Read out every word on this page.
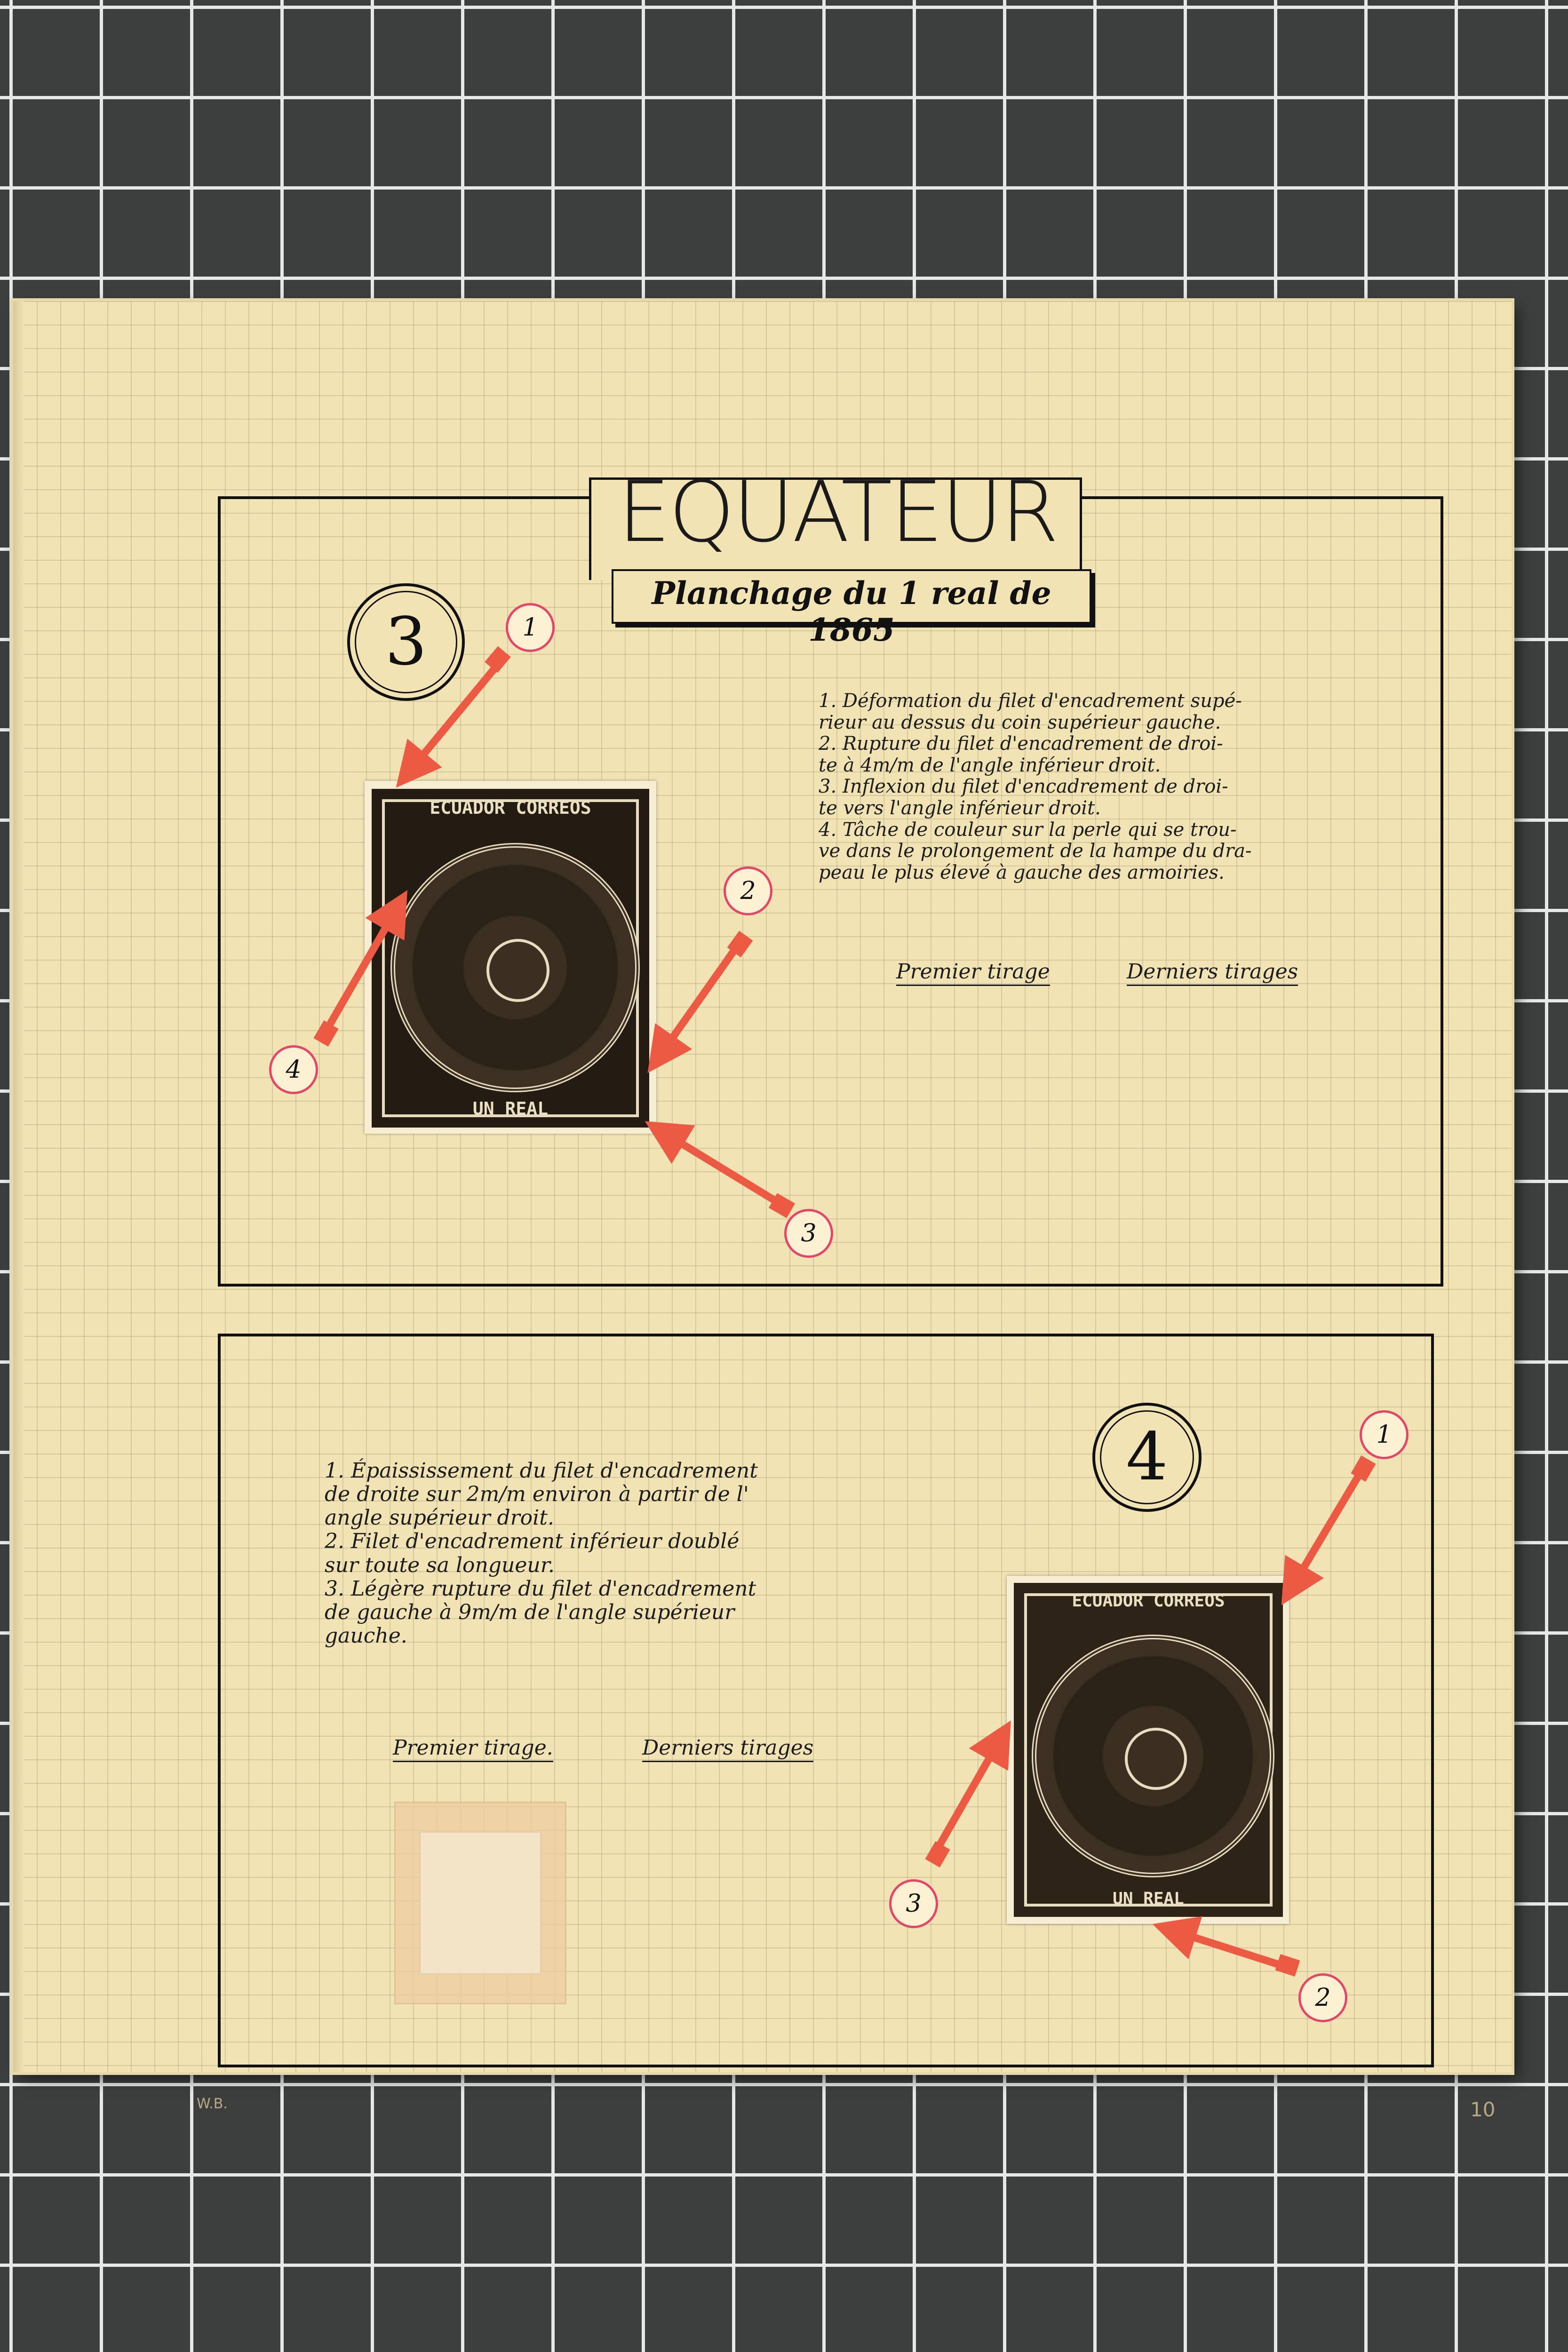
EQUATEUR
Planchage du 1 real de 1865
3
ECUADOR CORREOS
UN REAL
1. Déformation du filet d'encadrement supé-
rieur au dessus du coin supérieur gauche.
2. Rupture du filet d'encadrement de droi-
te à 4m/m de l'angle inférieur droit.
3. Inflexion du filet d'encadrement de droi-
te vers l'angle inférieur droit.
4. Tâche de couleur sur la perle qui se trou-
ve dans le prolongement de la hampe du dra-
peau le plus élevé à gauche des armoiries.
Premier tirage	Derniers tirages
4
1. Épaississement du filet d'encadrement
de droite sur 2m/m environ à partir de l'
angle supérieur droit.
2. Filet d'encadrement inférieur doublé
sur toute sa longueur.
3. Légère rupture du filet d'encadrement
de gauche à 9m/m de l'angle supérieur
gauche.
Premier tirage.	Derniers tirages
ECUADOR CORREOS
UN REAL
1
2
3
4
1
2
3
W.B.	10
